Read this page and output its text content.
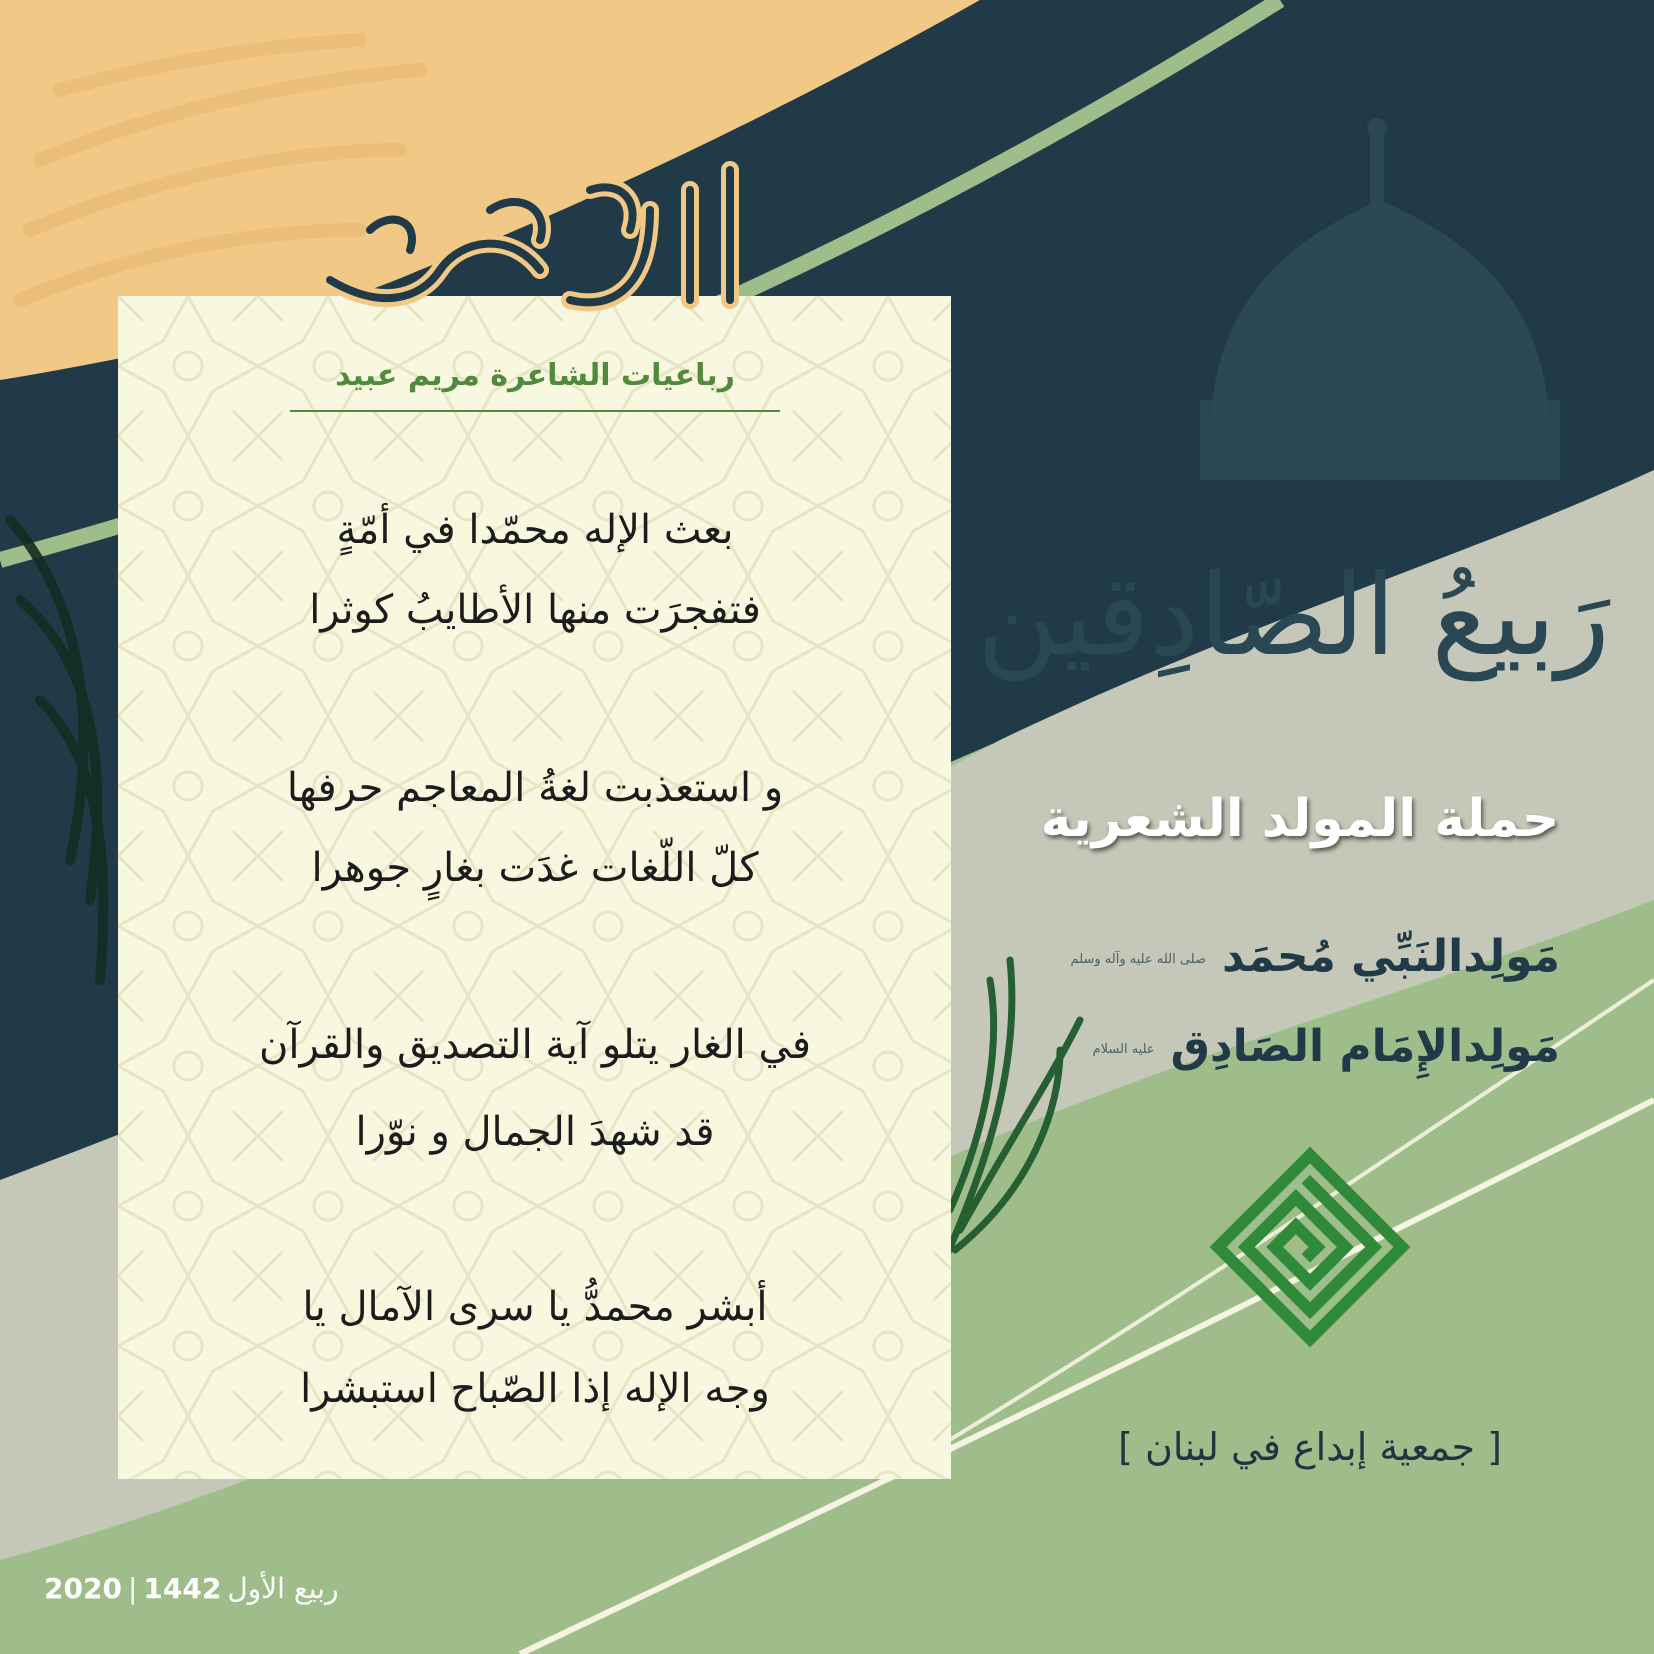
رباعيات الشاعرة مريم عبيد
بعث الإله محمّدا في أمّةٍ
فتفجرَت منها الأطايبُ كوثرا
و استعذبت لغةُ المعاجم حرفها
كلّ اللّغات غدَت بغارٍ جوهرا
في الغار يتلو آية التصديق والقرآن
قد شهدَ الجمال و نوّرا
أبشر محمدُّ يا سرى الآمال يا
وجه الإله إذا الصّباح استبشرا
رَبيعُ الصّادِقين
حملة المولد الشعرية
مَولِدالنَبِّي مُحمَدصلى الله عليه وآله وسلم
مَولِدالإِمَام الصَادِقعليه السلام
[ جمعية إبداع في لبنان ]
2020 | 1442 ربيع الأول
